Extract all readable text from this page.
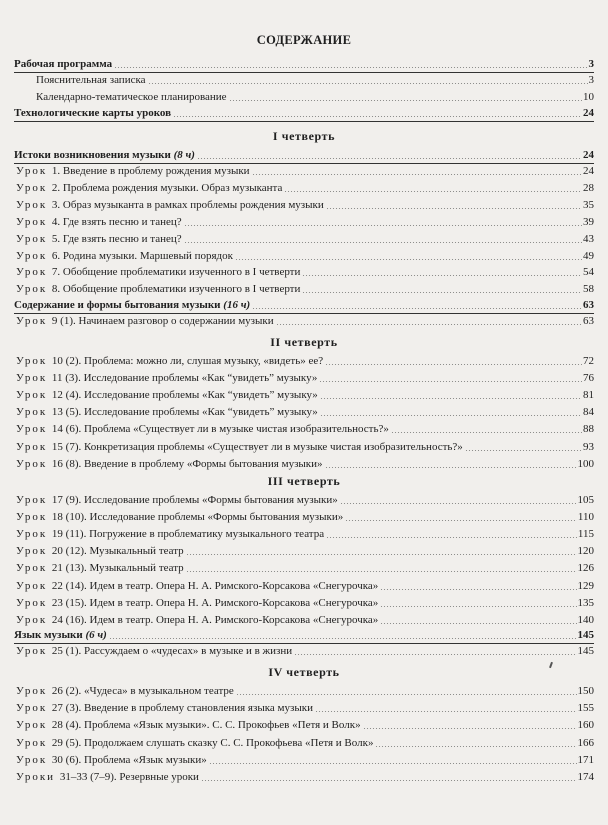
СОДЕРЖАНИЕ
Рабочая программа	3
Пояснительная записка	3
Календарно-тематическое планирование	10
Технологические карты уроков	24
I четверть
Истоки возникновения музыки (8 ч)	24
Урок 1. Введение в проблему рождения музыки	24
Урок 2. Проблема рождения музыки. Образ музыканта	28
Урок 3. Образ музыканта в рамках проблемы рождения музыки	35
Урок 4. Где взять песню и танец?	39
Урок 5. Где взять песню и танец?	43
Урок 6. Родина музыки. Маршевый порядок	49
Урок 7. Обобщение проблематики изученного в I четверти	54
Урок 8. Обобщение проблематики изученного в I четверти	58
Содержание и формы бытования музыки (16 ч)	63
Урок 9 (1). Начинаем разговор о содержании музыки	63
II четверть
Урок 10 (2). Проблема: можно ли, слушая музыку, «видеть» ее?	72
Урок 11 (3). Исследование проблемы «Как “увидеть” музыку»	76
Урок 12 (4). Исследование проблемы «Как “увидеть” музыку»	81
Урок 13 (5). Исследование проблемы «Как “увидеть” музыку»	84
Урок 14 (6). Проблема «Существует ли в музыке чистая изобразительность?»	88
Урок 15 (7). Конкретизация проблемы «Существует ли в музыке чистая изобразительность?»	93
Урок 16 (8). Введение в проблему «Формы бытования музыки»	100
III четверть
Урок 17 (9). Исследование проблемы «Формы бытования музыки»	105
Урок 18 (10). Исследование проблемы «Формы бытования музыки»	110
Урок 19 (11). Погружение в проблематику музыкального театра	115
Урок 20 (12). Музыкальный театр	120
Урок 21 (13). Музыкальный театр	126
Урок 22 (14). Идем в театр. Опера Н. А. Римского-Корсакова «Снегурочка»	129
Урок 23 (15). Идем в театр. Опера Н. А. Римского-Корсакова «Снегурочка»	135
Урок 24 (16). Идем в театр. Опера Н. А. Римского-Корсакова «Снегурочка»	140
Язык музыки (6 ч)	145
Урок 25 (1). Рассуждаем о «чудесах» в музыке и в жизни	145
IV четверть
Урок 26 (2). «Чудеса» в музыкальном театре	150
Урок 27 (3). Введение в проблему становления языка музыки	155
Урок 28 (4). Проблема «Язык музыки». С. С. Прокофьев «Петя и Волк»	160
Урок 29 (5). Продолжаем слушать сказку С. С. Прокофьева «Петя и Волк»	166
Урок 30 (6). Проблема «Язык музыки»	171
Уроки 31–33 (7–9). Резервные уроки	174
